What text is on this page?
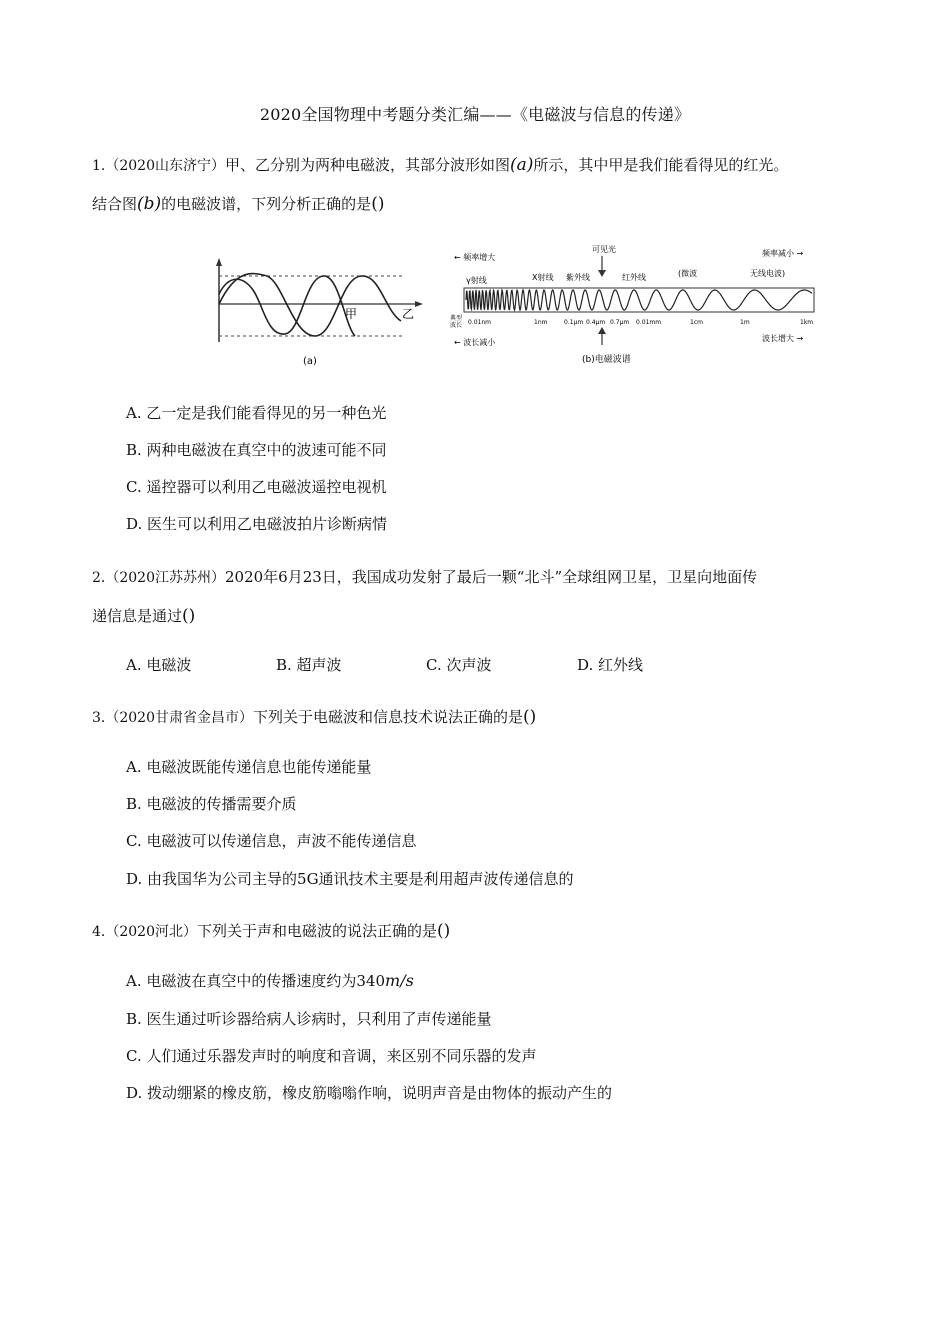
2020全国物理中考题分类汇编——《电磁波与信息的传递》
1.（2020山东济宁）甲、乙分别为两种电磁波，其部分波形如图(a)所示，其中甲是我们能看得见的红光。
结合图(b)的电磁波谱，下列分析正确的是()
甲	乙
(a)
← 频率增大	频率减小 →
可见光
γ射线	X射线 紫外线	红外线	(微波	无线电波)
典型
波长 0.01nm	1nm	0.1μm 0.4μm 0.7μm 0.01mm	1cm	1m	1km
← 波长减小	波长增大 →
(b)电磁波谱
A. 乙一定是我们能看得见的另一种色光
B. 两种电磁波在真空中的波速可能不同
C. 遥控器可以利用乙电磁波遥控电视机
D. 医生可以利用乙电磁波拍片诊断病情
2.（2020江苏苏州）2020年6月23日，我国成功发射了最后一颗“北斗”全球组网卫星，卫星向地面传
递信息是通过()
A. 电磁波	B. 超声波	C. 次声波	D. 红外线
3.（2020甘肃省金昌市）下列关于电磁波和信息技术说法正确的是()
A. 电磁波既能传递信息也能传递能量
B. 电磁波的传播需要介质
C. 电磁波可以传递信息，声波不能传递信息
D. 由我国华为公司主导的5G通讯技术主要是利用超声波传递信息的
4.（2020河北）下列关于声和电磁波的说法正确的是()
A. 电磁波在真空中的传播速度约为340m/s
B. 医生通过听诊器给病人诊病时，只利用了声传递能量
C. 人们通过乐器发声时的响度和音调，来区别不同乐器的发声
D. 拨动绷紧的橡皮筋，橡皮筋嗡嗡作响，说明声音是由物体的振动产生的
